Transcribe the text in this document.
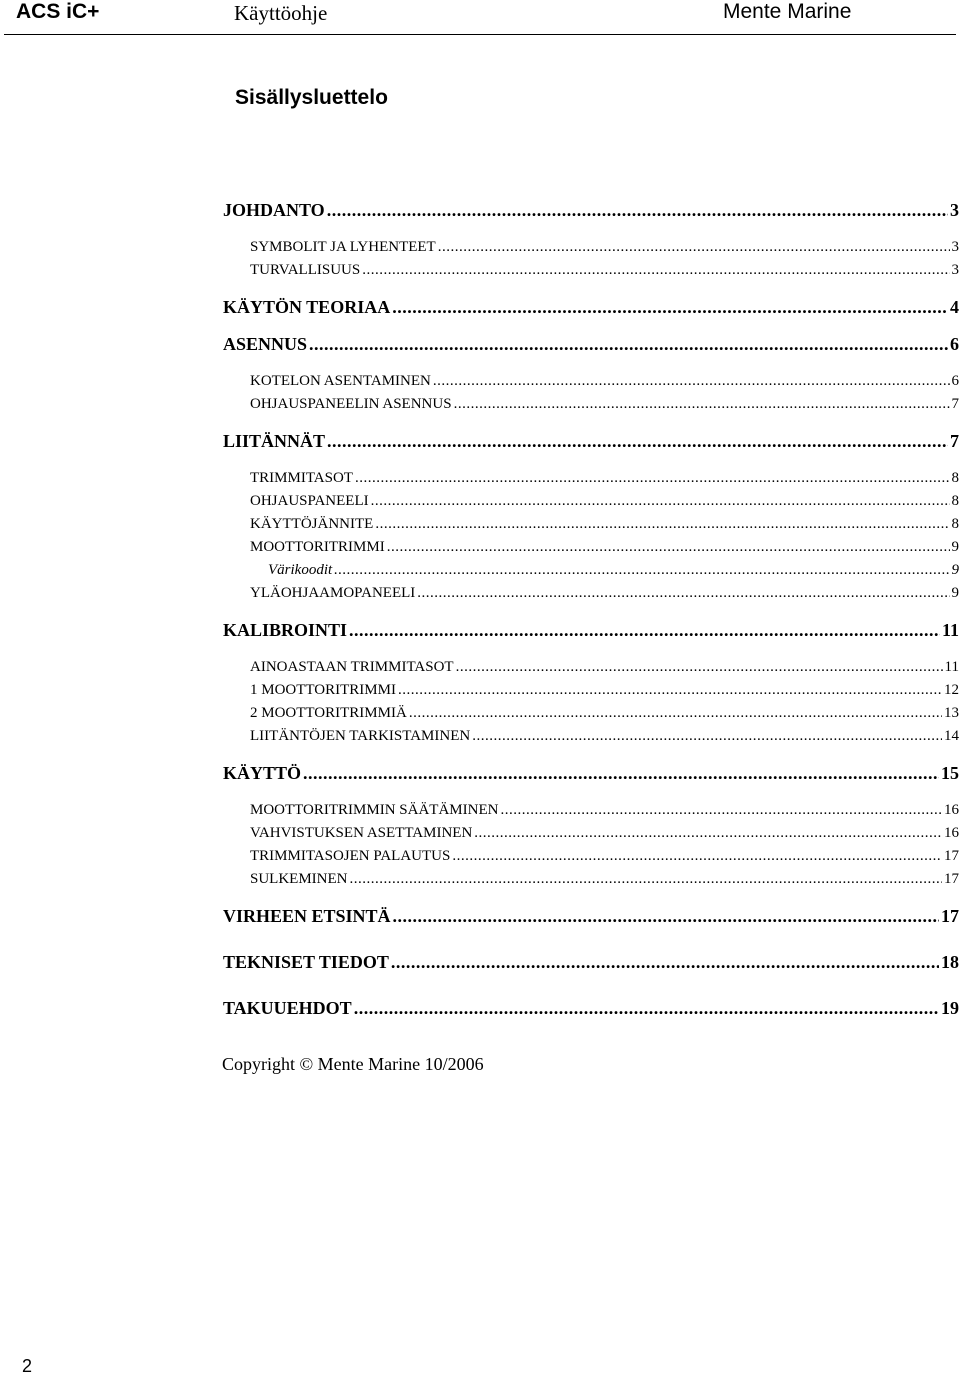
ACS iC+	Käyttöohje	Mente Marine
Sisällysluettelo
JOHDANTO .....	3
SYMBOLIT JA LYHENTEET .....	3
TURVALLISUUS .....	3
KÄYTÖN TEORIAA .....	4
ASENNUS .....	6
KOTELON ASENTAMINEN .....	6
OHJAUSPANEELIN ASENNUS .....	7
LIITÄNNÄT .....	7
TRIMMITASOT .....	8
OHJAUSPANEELI .....	8
KÄYTTÖJÄNNITE .....	8
MOOTTORITRIMMI .....	9
Värikoodit .....	9
YLÄOHJAAMOPANEELI .....	9
KALIBROINTI .....	11
AINOASTAAN TRIMMITASOT .....	11
1 MOOTTORITRIMMI .....	12
2 MOOTTORITRIMMIÄ .....	13
LIITÄNTÖJEN TARKISTAMINEN .....	14
KÄYTTÖ .....	15
MOOTTORITRIMMIN SÄÄTÄMINEN .....	16
VAHVISTUKSEN ASETTAMINEN .....	16
TRIMMITASOJEN PALAUTUS .....	17
SULKEMINEN .....	17
VIRHEEN ETSINTÄ .....	17
TEKNISET TIEDOT .....	18
TAKUUEHDOT .....	19
Copyright © Mente Marine 10/2006
2
